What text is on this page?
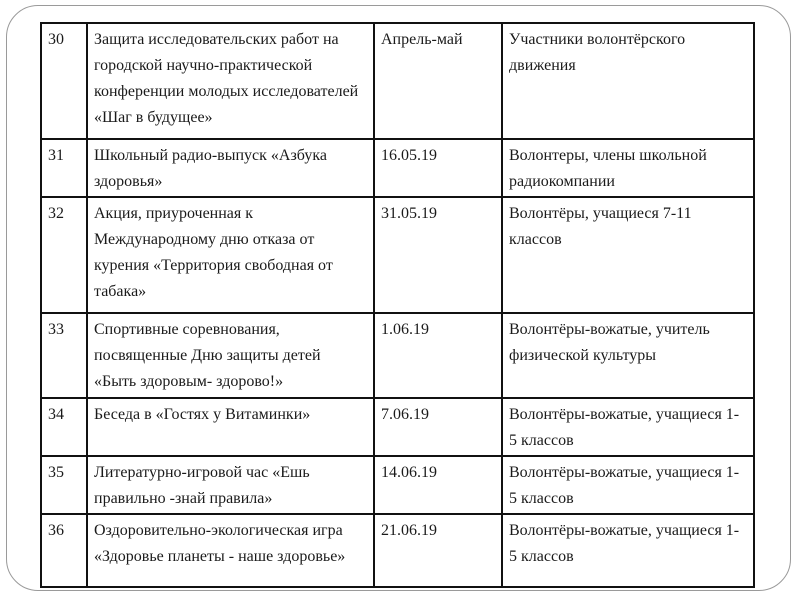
30	Защита исследовательских работ на городской научно-практической конференции молодых исследователей «Шаг в будущее»	Апрель-май	Участники волонтёрского движения
31	Школьный радио-выпуск «Азбука здоровья»	16.05.19	Волонтеры, члены школьной радиокомпании
32	Акция, приуроченная к Международному дню отказа от курения «Территория свободная от табака»	31.05.19	Волонтёры, учащиеся 7-11 классов
33	Спортивные соревнования, посвященные Дню защиты детей «Быть здоровым- здорово!»	1.06.19	Волонтёры-вожатые, учитель физической культуры
34	Беседа в «Гостях у Витаминки»	7.06.19	Волонтёры-вожатые, учащиеся 1-5 классов
35	Литературно-игровой час «Ешь правильно -знай правила»	14.06.19	Волонтёры-вожатые, учащиеся 1-5 классов
36	Оздоровительно-экологическая игра «Здоровье планеты - наше здоровье»	21.06.19	Волонтёры-вожатые, учащиеся 1-5 классов
